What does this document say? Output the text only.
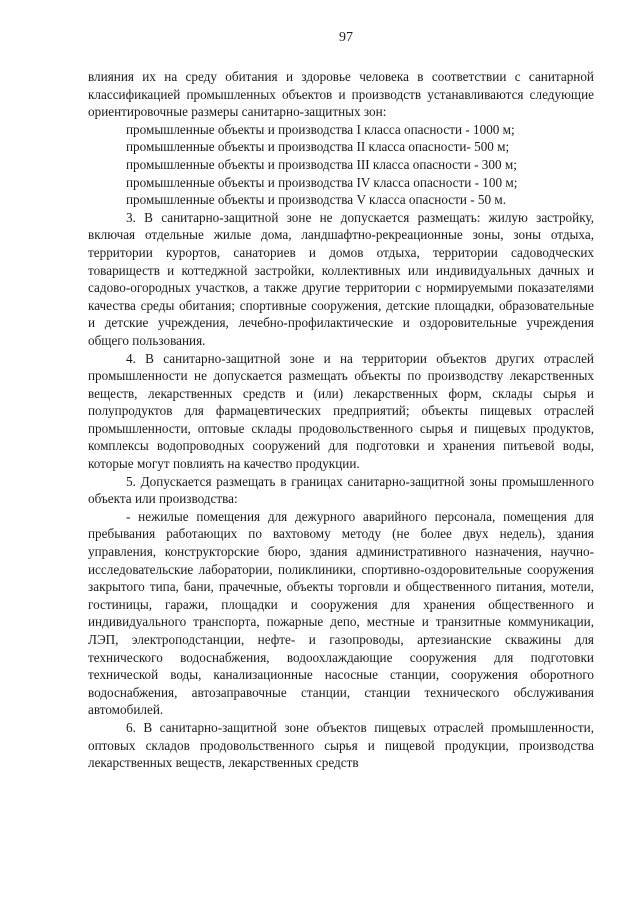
97

влияния их на среду обитания и здоровье человека в соответствии с санитарной классификацией промышленных объектов и производств устанавливаются следующие ориентировочные размеры санитарно-защитных зон:

промышленные объекты и производства I класса опасности - 1000 м;
промышленные объекты и производства II класса опасности- 500 м;
промышленные объекты и производства III класса опасности - 300 м;
промышленные объекты и производства IV класса опасности - 100 м;
промышленные объекты и производства V класса опасности - 50 м.

3. В санитарно-защитной зоне не допускается размещать: жилую застройку, включая отдельные жилые дома, ландшафтно-рекреационные зоны, зоны отдыха, территории курортов, санаториев и домов отдыха, территории садоводческих товариществ и коттеджной застройки, коллективных или индивидуальных дачных и садово-огородных участков, а также другие территории с нормируемыми показателями качества среды обитания; спортивные сооружения, детские площадки, образовательные и детские учреждения, лечебно-профилактические и оздоровительные учреждения общего пользования.

4. В санитарно-защитной зоне и на территории объектов других отраслей промышленности не допускается размещать объекты по производству лекарственных веществ, лекарственных средств и (или) лекарственных форм, склады сырья и полупродуктов для фармацевтических предприятий; объекты пищевых отраслей промышленности, оптовые склады продовольственного сырья и пищевых продуктов, комплексы водопроводных сооружений для подготовки и хранения питьевой воды, которые могут повлиять на качество продукции.

5. Допускается размещать в границах санитарно-защитной зоны промышленного объекта или производства:

- нежилые помещения для дежурного аварийного персонала, помещения для пребывания работающих по вахтовому методу (не более двух недель), здания управления, конструкторские бюро, здания административного назначения, научно-исследовательские лаборатории, поликлиники, спортивно-оздоровительные сооружения закрытого типа, бани, прачечные, объекты торговли и общественного питания, мотели, гостиницы, гаражи, площадки и сооружения для хранения общественного и индивидуального транспорта, пожарные депо, местные и транзитные коммуникации, ЛЭП, электроподстанции, нефте- и газопроводы, артезианские скважины для технического водоснабжения, водоохлаждающие сооружения для подготовки технической воды, канализационные насосные станции, сооружения оборотного водоснабжения, автозаправочные станции, станции технического обслуживания автомобилей.

6. В санитарно-защитной зоне объектов пищевых отраслей промышленности, оптовых складов продовольственного сырья и пищевой продукции, производства лекарственных веществ, лекарственных средств
